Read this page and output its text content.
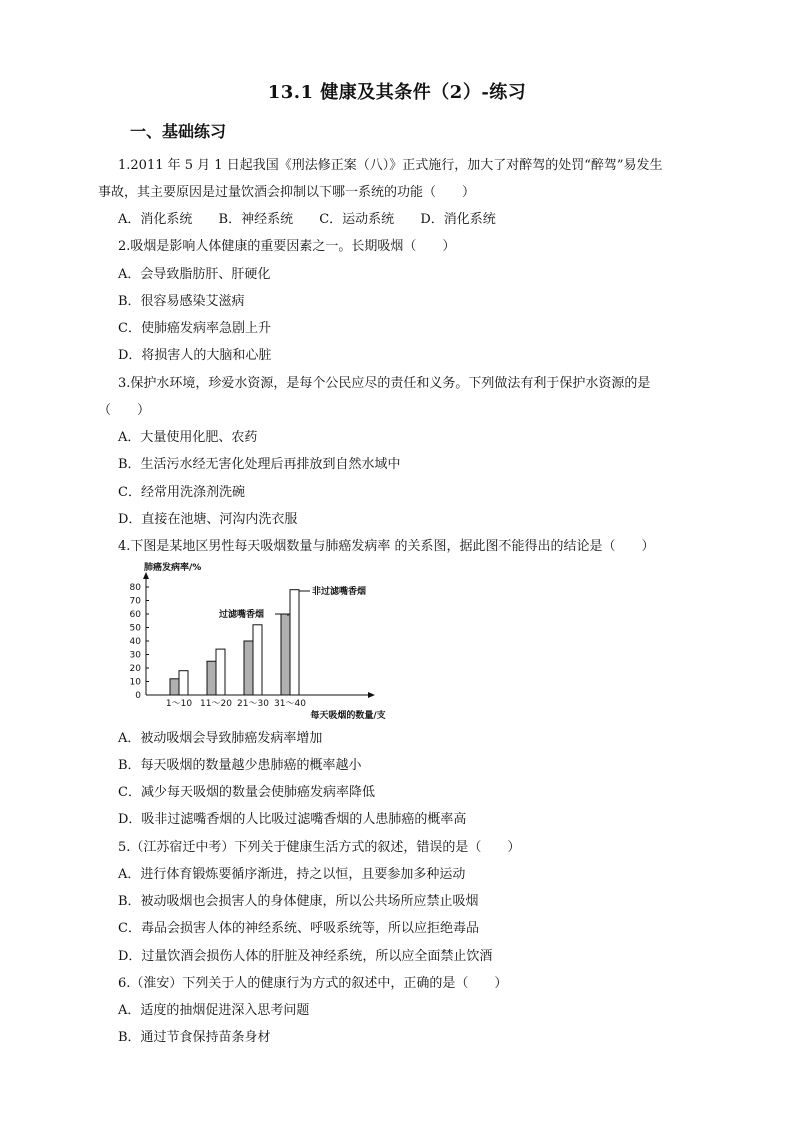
13.1 健康及其条件（2）-练习
一、基础练习
1.2011 年 5 月 1 日起我国《刑法修正案（八）》正式施行，加大了对醉驾的处罚“醉驾”易发生
事故，其主要原因是过量饮酒会抑制以下哪一系统的功能（　　）
A．消化系统 B．神经系统 C．运动系统 D．消化系统
2.吸烟是影响人体健康的重要因素之一。长期吸烟（　　）
A．会导致脂肪肝、肝硬化
B．很容易感染艾滋病
C．使肺癌发病率急剧上升
D．将损害人的大脑和心脏
3.保护水环境，珍爱水资源，是每个公民应尽的责任和义务。下列做法有利于保护水资源的是
（　　）
A．大量使用化肥、农药
B．生活污水经无害化处理后再排放到自然水域中
C．经常用洗涤剂洗碗
D．直接在池塘、河沟内洗衣服
4.下图是某地区男性每天吸烟数量与肺癌发病率 的关系图，据此图不能得出的结论是（　　）
0
10
20
30
40
50
60
70
80
肺癌发病率/%
1～10 11～20 21～30 31～40
每天吸烟的数量/支
过滤嘴香烟
非过滤嘴香烟
A．被动吸烟会导致肺癌发病率增加
B．每天吸烟的数量越少患肺癌的概率越小
C．减少每天吸烟的数量会使肺癌发病率降低
D．吸非过滤嘴香烟的人比吸过滤嘴香烟的人患肺癌的概率高
5.（江苏宿迁中考）下列关于健康生活方式的叙述，错误的是（　　）
A．进行体育锻炼要循序渐进，持之以恒，且要参加多种运动
B．被动吸烟也会损害人的身体健康，所以公共场所应禁止吸烟
C．毒品会损害人体的神经系统、呼吸系统等，所以应拒绝毒品
D．过量饮酒会损伤人体的肝脏及神经系统，所以应全面禁止饮酒
6.（淮安）下列关于人的健康行为方式的叙述中，正确的是（　　）
A．适度的抽烟促进深入思考问题
B．通过节食保持苗条身材
